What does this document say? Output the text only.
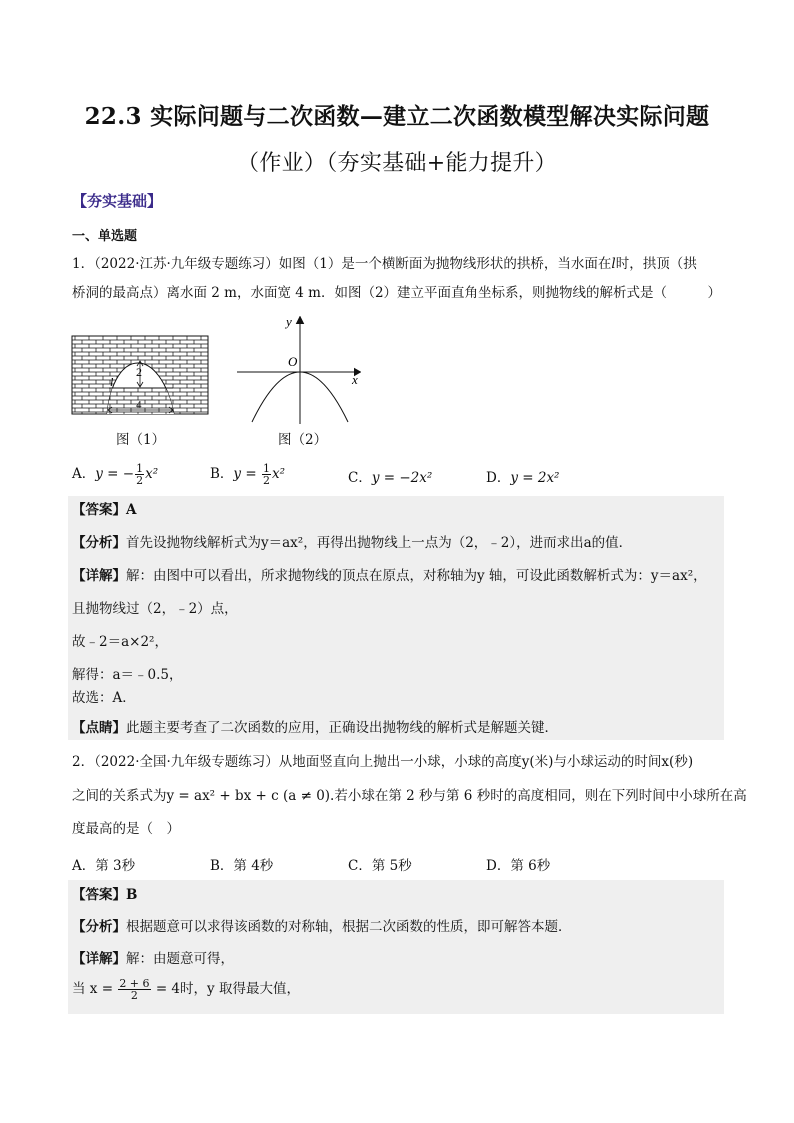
22.3 实际问题与二次函数—建立二次函数模型解决实际问题
（作业）（夯实基础+能力提升）
【夯实基础】
一、单选题
1．（2022·江苏·九年级专题练习）如图（1）是一个横断面为抛物线形状的拱桥，当水面在l时，拱顶（拱
桥洞的最高点）离水面 2 m，水面宽 4 m．如图（2）建立平面直角坐标系，则抛物线的解析式是（　　　）
2
4
l
图（1）
x
y
O
图（2）
A．y = − $\frac{1}{2} x^2$	B．$y = \frac{1}{2} x^2$	C．y = −2x²	D．y = 2x²
【答案】A
【分析】首先设抛物线解析式为y＝ax²，再得出抛物线上一点为（2，﹣2），进而求出a的值．
【详解】解：由图中可以看出，所求抛物线的顶点在原点，对称轴为y 轴，可设此函数解析式为：y＝ax²，
且抛物线过（2，﹣2）点，
故﹣2＝a×2²，
解得：a＝﹣0.5，
故选：A．
【点睛】此题主要考查了二次函数的应用，正确设出抛物线的解析式是解题关键．
2．（2022·全国·九年级专题练习）从地面竖直向上抛出一小球，小球的高度y(米)与小球运动的时间x(秒)
之间的关系式为y = ax² + bx + c (a ≠ 0).若小球在第 2 秒与第 6 秒时的高度相同，则在下列时间中小球所在高
度最高的是（　）
A．第 3秒	B．第 4秒	C．第 5秒	D．第 6秒
【答案】B
【分析】根据题意可以求得该函数的对称轴，根据二次函数的性质，即可解答本题．
【详解】解：由题意可得，
当 $x = \frac{2 + 6}{2} = 4$时，y 取得最大值，
